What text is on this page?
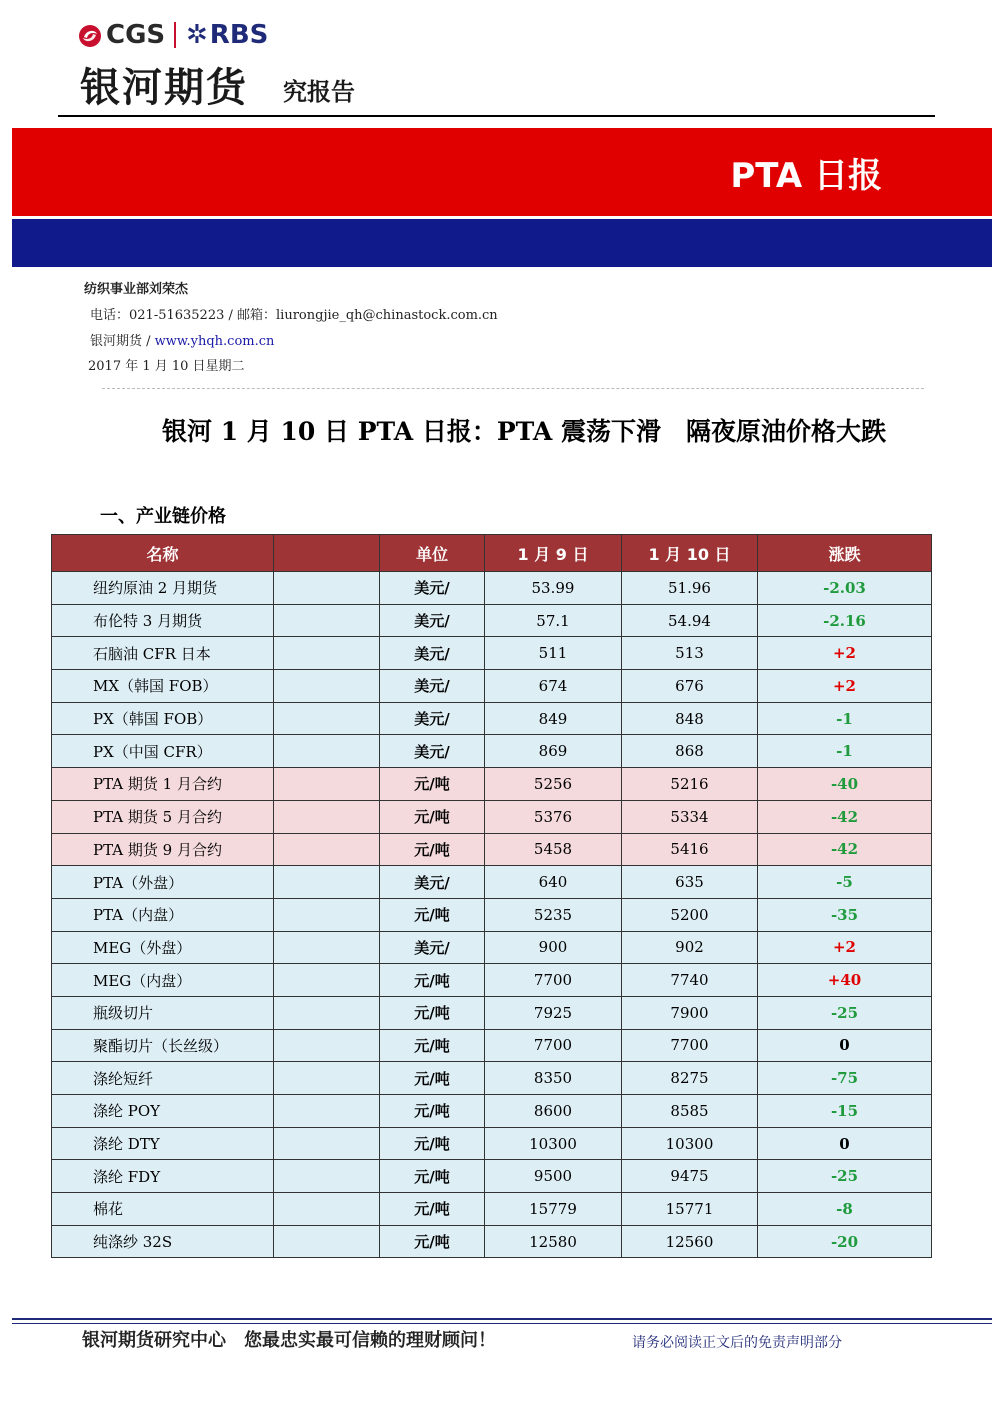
CGS ✲RBS
银河期货 究报告
PTA 日报
纺织事业部刘荣杰
电话：021-51635223 / 邮箱：liurongjie_qh@chinastock.com.cn
银河期货 / www.yhqh.com.cn
2017 年 1 月 10 日星期二
银河 1 月 10 日 PTA 日报：PTA 震荡下滑　隔夜原油价格大跌
一、产业链价格
名称		单位	1 月 9 日	1 月 10 日	涨跌
纽约原油 2 月期货		美元/	53.99	51.96	-2.03
布伦特 3 月期货		美元/	57.1	54.94	-2.16
石脑油 CFR 日本		美元/	511	513	+2
MX（韩国 FOB）		美元/	674	676	+2
PX（韩国 FOB）		美元/	849	848	-1
PX（中国 CFR）		美元/	869	868	-1
PTA 期货 1 月合约		元/吨	5256	5216	-40
PTA 期货 5 月合约		元/吨	5376	5334	-42
PTA 期货 9 月合约		元/吨	5458	5416	-42
PTA（外盘）		美元/	640	635	-5
PTA（内盘）		元/吨	5235	5200	-35
MEG（外盘）		美元/	900	902	+2
MEG（内盘）		元/吨	7700	7740	+40
瓶级切片		元/吨	7925	7900	-25
聚酯切片（长丝级）		元/吨	7700	7700	0
涤纶短纤		元/吨	8350	8275	-75
涤纶 POY		元/吨	8600	8585	-15
涤纶 DTY		元/吨	10300	10300	0
涤纶 FDY		元/吨	9500	9475	-25
棉花		元/吨	15779	15771	-8
纯涤纱 32S		元/吨	12580	12560	-20
银河期货研究中心　您最忠实最可信赖的理财顾问！	请务必阅读正文后的免责声明部分
